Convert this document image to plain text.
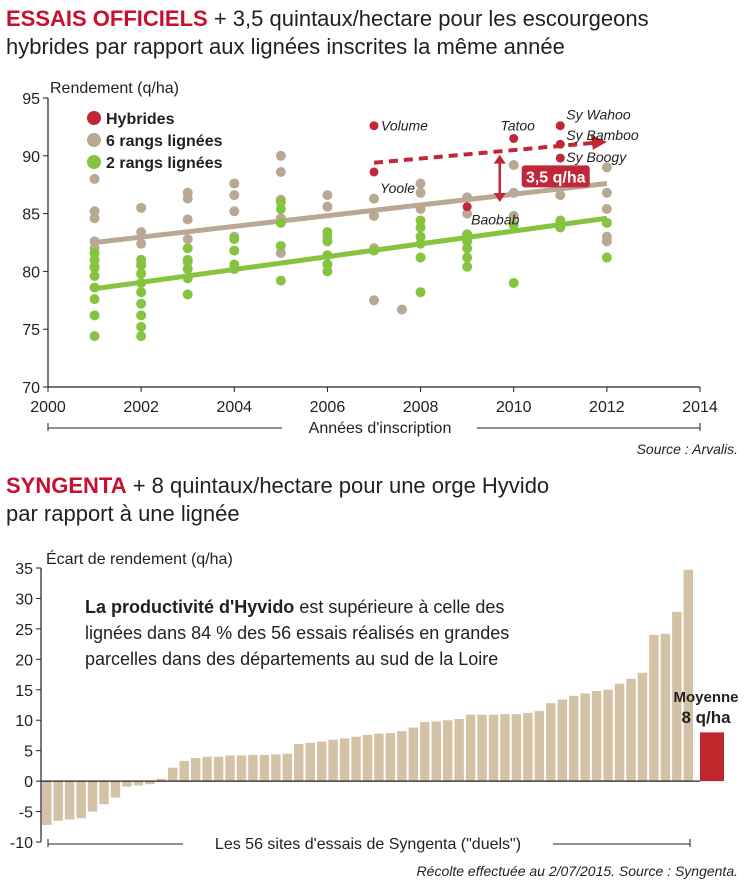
ESSAIS OFFICIELS + 3,5 quintaux/hectare pour les escourgeons
hybrides par rapport aux lignées inscrites la même année
SYNGENTA + 8 quintaux/hectare pour une orge Hyvido
par rapport à une lignée
Rendement (q/ha)
Années d'inscription
Source : Arvalis.
2000	2002	2004	2006	2008	2010	2012	2014
70
75
80
85
90
95
Volume
Yoole
Baobab
Tatoo
Sy Wahoo
Sy Bamboo
Sy Boogy
3,5 q/ha
Hybrides
6 rangs lignées
2 rangs lignées
Écart de rendement (q/ha)
-10
-5
0
5
10
15
20
25
30
35
Moyenne
8 q/ha
Les 56 sites d'essais de Syngenta ("duels")
Récolte effectuée au 2/07/2015. Source : Syngenta.
La productivité d'Hyvido est supérieure à celle des lignées dans 84 % des 56 essais réalisés en grandes parcelles dans des départements au sud de la Loire
